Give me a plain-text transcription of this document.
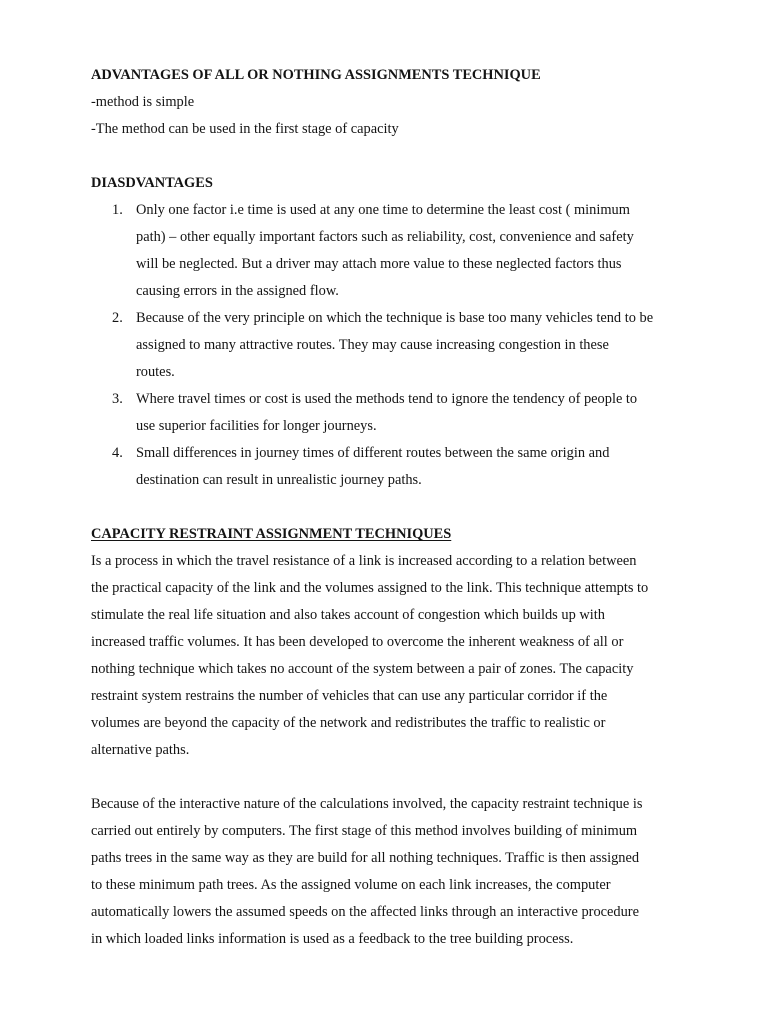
ADVANTAGES OF ALL OR NOTHING ASSIGNMENTS TECHNIQUE
-method is simple
-The method can be used in the first stage of capacity
DIASDVANTAGES
1. Only one factor i.e time is used at any one time to determine the least cost ( minimum
path) – other equally important factors such as reliability, cost, convenience and safety
will be neglected. But a driver may attach more value to these neglected factors thus
causing errors in the assigned flow.
2. Because of the very principle on which the technique is base too many vehicles tend to be
assigned to many attractive routes. They may cause increasing congestion in these
routes.
3. Where travel times or cost is used the methods tend to ignore the tendency of people to
use superior facilities for longer journeys.
4. Small differences in journey times of different routes between the same origin and
destination can result in unrealistic journey paths.
CAPACITY RESTRAINT ASSIGNMENT TECHNIQUES
Is a process in which the travel resistance of a link is increased according to a relation between
the practical capacity of the link and the volumes assigned to the link. This technique attempts to
stimulate the real life situation and also takes account of congestion which builds up with
increased traffic volumes. It has been developed to overcome the inherent weakness of all or
nothing technique which takes no account of the system between a pair of zones. The capacity
restraint system restrains the number of vehicles that can use any particular corridor if the
volumes are beyond the capacity of the network and redistributes the traffic to realistic or
alternative paths.
Because of the interactive nature of the calculations involved, the capacity restraint technique is
carried out entirely by computers. The first stage of this method involves building of minimum
paths trees in the same way as they are build for all nothing techniques. Traffic is then assigned
to these minimum path trees. As the assigned volume on each link increases, the computer
automatically lowers the assumed speeds on the affected links through an interactive procedure
in which loaded links information is used as a feedback to the tree building process.
